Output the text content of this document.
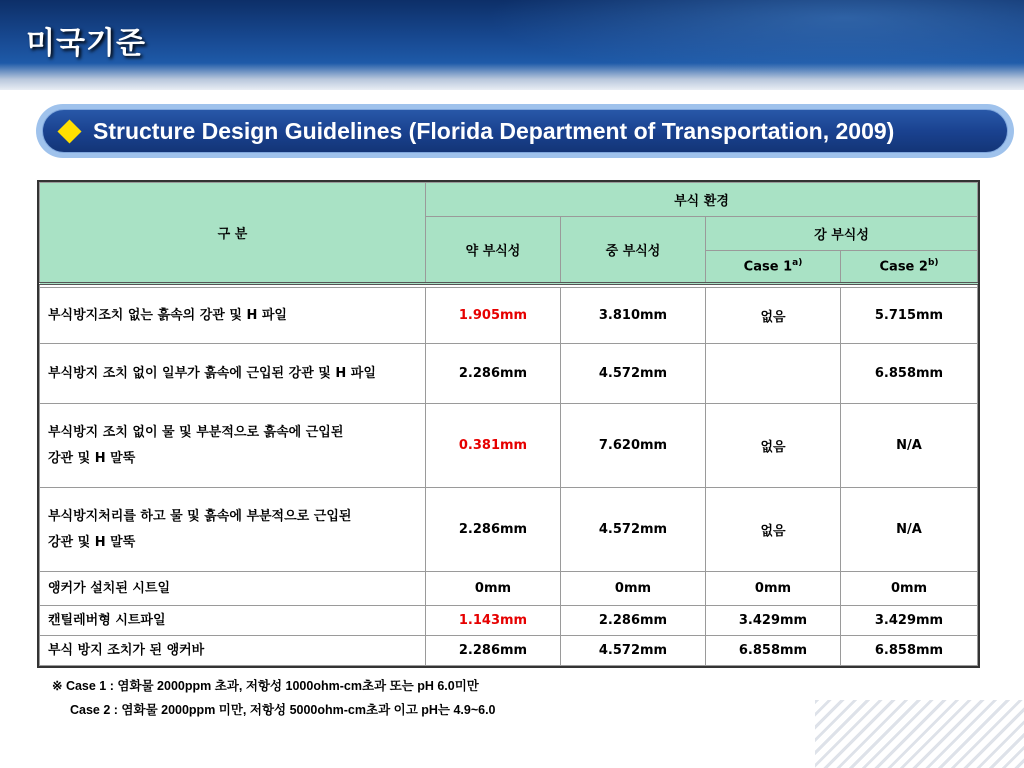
미국기준
Structure Design Guidelines (Florida Department of Transportation, 2009)
구 분	부식 환경			
	약 부식성	중 부식성	강 부식성	
			Case 1$^{a)}$	Case 2$^{b)}$

부식방지조치 없는 흙속의 강관 및 H 파일	1.905mm	3.810mm	없음	5.715mm

부식방지 조치 없이 일부가 흙속에 근입된 강관 및 H 파일	2.286mm	4.572mm		6.858mm

부식방지 조치 없이 물 및 부분적으로 흙속에 근입된
강관 및 H 말뚝	0.381mm	7.620mm	없음	N/A

부식방지처리를 하고 물 및 흙속에 부분적으로 근입된
강관 및 H 말뚝	2.286mm	4.572mm	없음	N/A

앵커가 설치된 시트일	0mm	0mm	0mm	0mm

캔틸레버형 시트파일	1.143mm	2.286mm	3.429mm	3.429mm

부식 방지 조치가 된 앵커바	2.286mm	4.572mm	6.858mm	6.858mm
※ Case 1 : 염화물 2000ppm 초과, 저항성 1000ohm-cm초과 또는 pH 6.0미만
Case 2 : 염화물 2000ppm 미만, 저항성 5000ohm-cm초과 이고 pH는 4.9~6.0
